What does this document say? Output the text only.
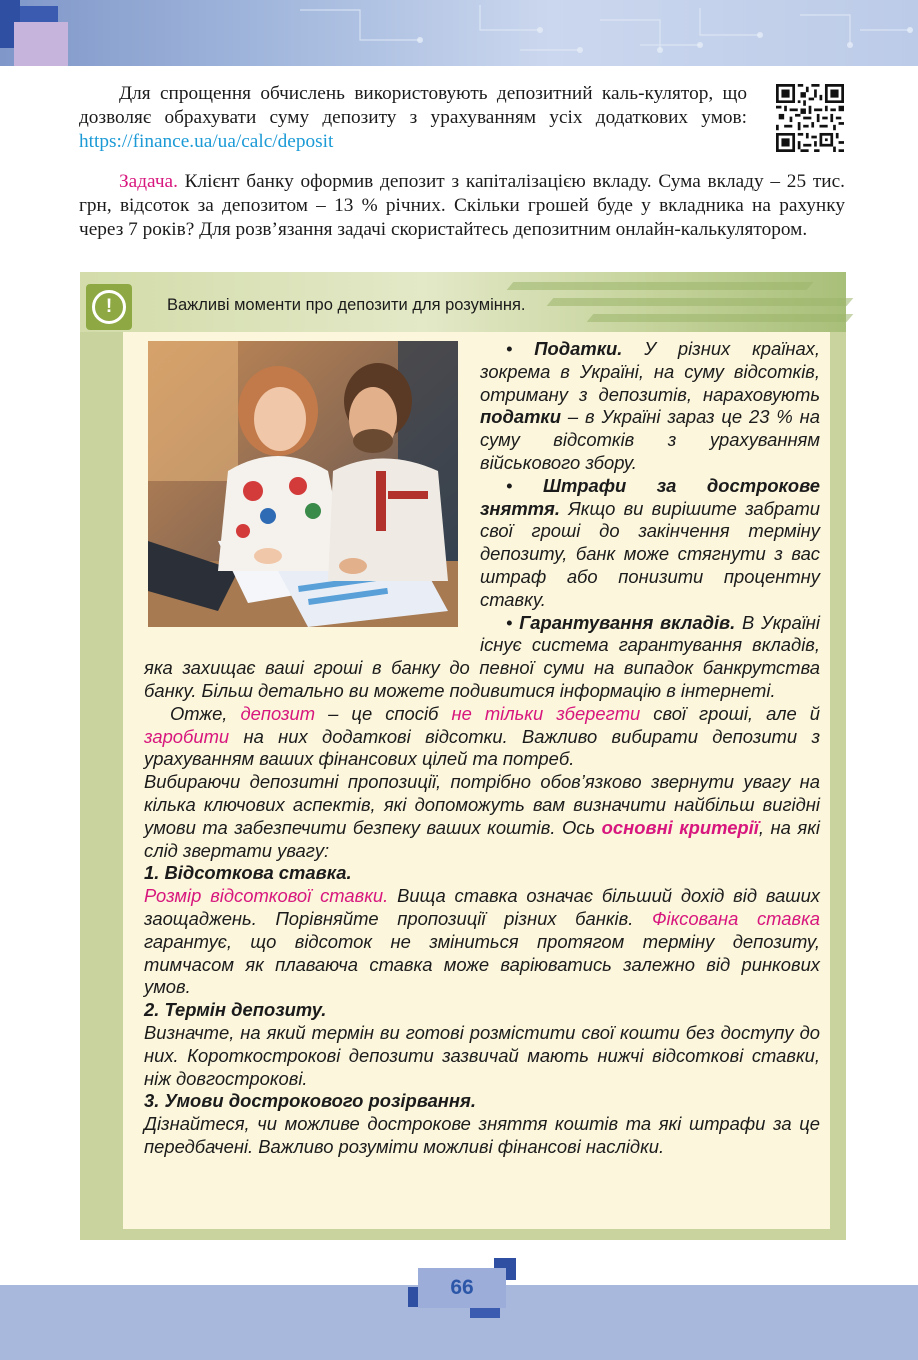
Для спрощення обчислень використовують депозитний каль-кулятор, що дозволяє обрахувати суму депозиту з урахуванням усіх додаткових умов: https://finance.ua/ua/calc/deposit

Задача. Клієнт банку оформив депозит з капіталізацією вкладу. Сума вкладу – 25 тис. грн, відсоток за депозитом – 13 % річних. Скільки грошей буде у вкладника на рахунку через 7 років? Для розв’язання задачі скористайтесь депозитним онлайн-калькулятором.

!	Важливі моменти про депозити для розуміння.

• Податки. У різних країнах, зокрема в Україні, на суму відсотків, отриману з депозитів, нараховують податки – в Україні зараз це 23 % на суму відсотків з урахуванням військового збору.

• Штрафи за дострокове зняття. Якщо ви вирішите забрати свої гроші до закінчення терміну депозиту, банк може стягнути з вас штраф або понизити процентну ставку.

• Гарантування вкладів. В Україні існує система гарантування вкладів, яка захищає ваші гроші в банку до певної суми на випадок банкрутства банку. Більш детально ви можете подивитися інформацію в інтернеті.

Отже, депозит – це спосіб не тільки зберегти свої гроші, але й заробити на них додаткові відсотки. Важливо вибирати депозити з урахуванням ваших фінансових цілей та потреб.

Вибираючи депозитні пропозиції, потрібно обов’язково звернути увагу на кілька ключових аспектів, які допоможуть вам визначити найбільш вигідні умови та забезпечити безпеку ваших коштів. Ось основні критерії, на які слід звертати увагу:

1. Відсоткова ставка.

Розмір відсоткової ставки. Вища ставка означає більший дохід від ваших заощаджень. Порівняйте пропозиції різних банків. Фіксована ставка гарантує, що відсоток не зміниться протягом терміну депозиту, тимчасом як плаваюча ставка може варіюватись залежно від ринкових умов.

2. Термін депозиту.

Визначте, на який термін ви готові розмістити свої кошти без доступу до них. Короткострокові депозити зазвичай мають нижчі відсоткові ставки, ніж довгострокові.

3. Умови дострокового розірвання.

Дізнайтеся, чи можливе дострокове зняття коштів та які штрафи за це передбачені. Важливо розуміти можливі фінансові наслідки.

66
